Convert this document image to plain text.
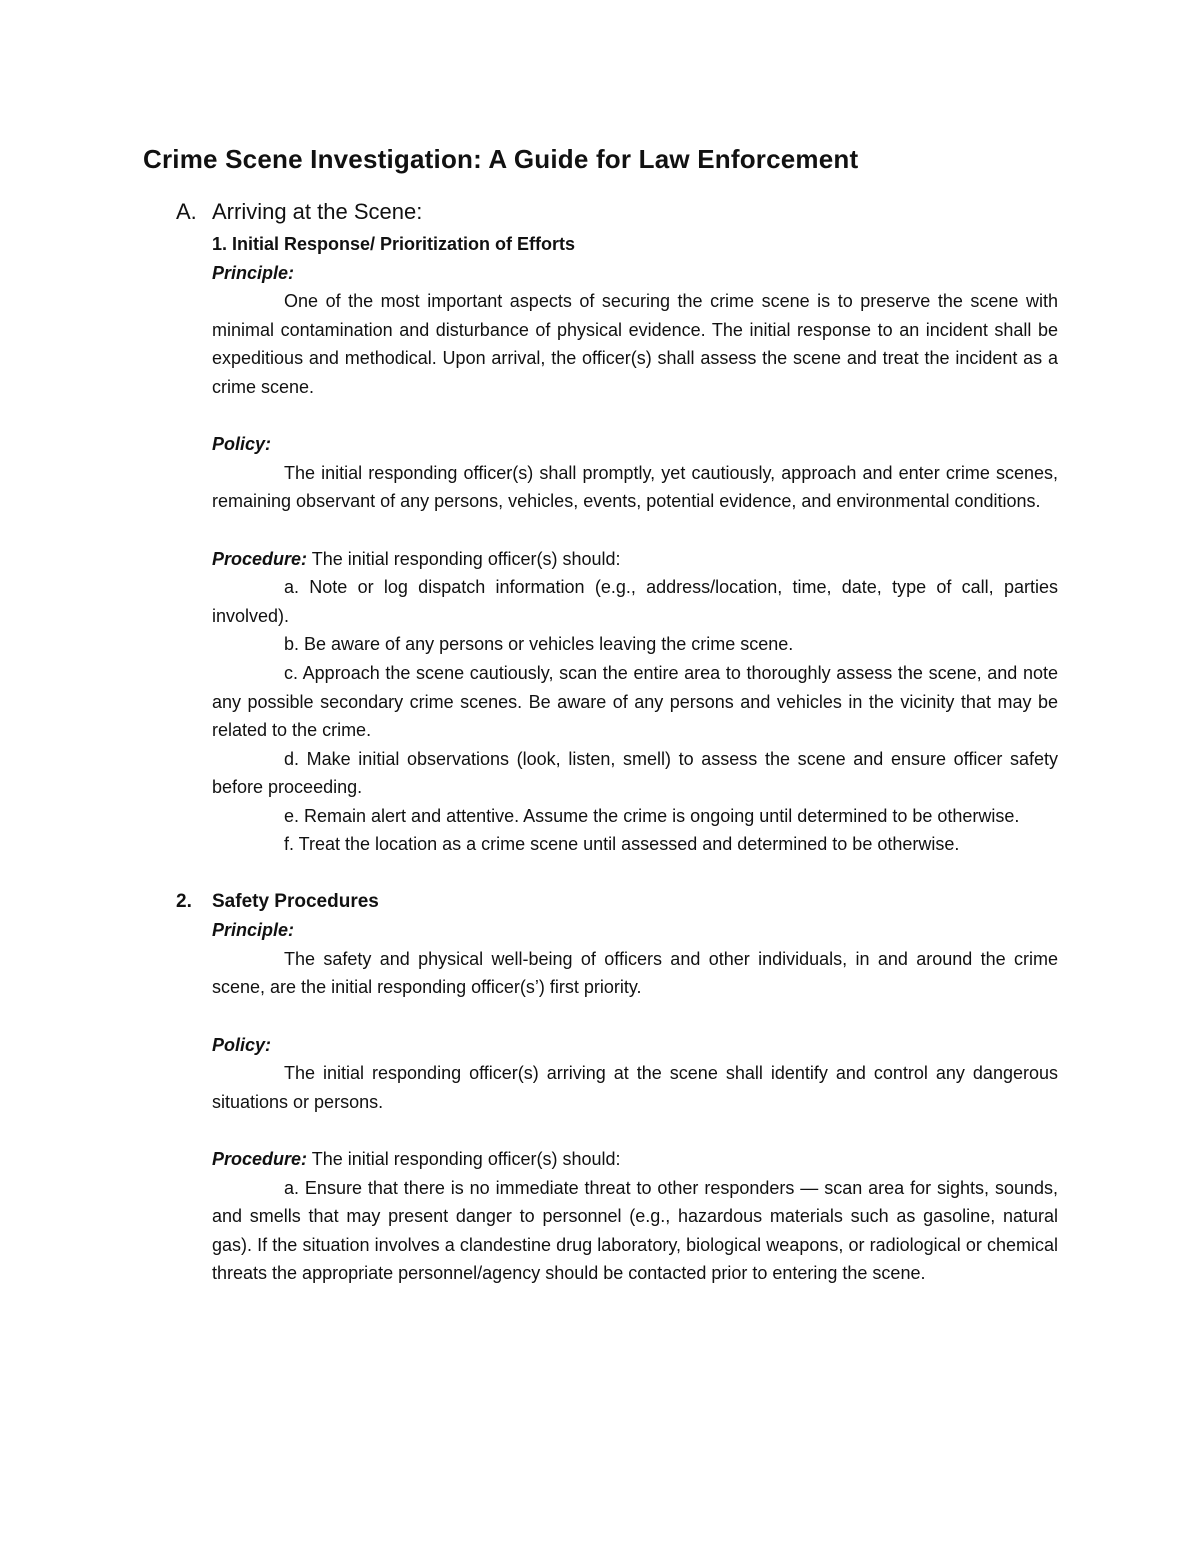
Crime Scene Investigation: A Guide for Law Enforcement
A. Arriving at the Scene:

1. Initial Response/ Prioritization of Efforts

Principle:

One of the most important aspects of securing the crime scene is to preserve the scene with minimal contamination and disturbance of physical evidence. The initial response to an incident shall be expeditious and methodical. Upon arrival, the officer(s) shall assess the scene and treat the incident as a crime scene.

Policy:

The initial responding officer(s) shall promptly, yet cautiously, approach and enter crime scenes, remaining observant of any persons, vehicles, events, potential evidence, and environmental conditions.

Procedure: The initial responding officer(s) should:

a. Note or log dispatch information (e.g., address/location, time, date, type of call, parties involved).

b. Be aware of any persons or vehicles leaving the crime scene.

c. Approach the scene cautiously, scan the entire area to thoroughly assess the scene, and note any possible secondary crime scenes. Be aware of any persons and vehicles in the vicinity that may be related to the crime.

d. Make initial observations (look, listen, smell) to assess the scene and ensure officer safety before proceeding.

e. Remain alert and attentive. Assume the crime is ongoing until determined to be otherwise.

f. Treat the location as a crime scene until assessed and determined to be otherwise.

2. Safety Procedures

Principle:

The safety and physical well-being of officers and other individuals, in and around the crime scene, are the initial responding officer(s’) first priority.

Policy:

The initial responding officer(s) arriving at the scene shall identify and control any dangerous situations or persons.

Procedure: The initial responding officer(s) should:

a. Ensure that there is no immediate threat to other responders — scan area for sights, sounds, and smells that may present danger to personnel (e.g., hazardous materials such as gasoline, natural gas). If the situation involves a clandestine drug laboratory, biological weapons, or radiological or chemical threats the appropriate personnel/agency should be contacted prior to entering the scene.
